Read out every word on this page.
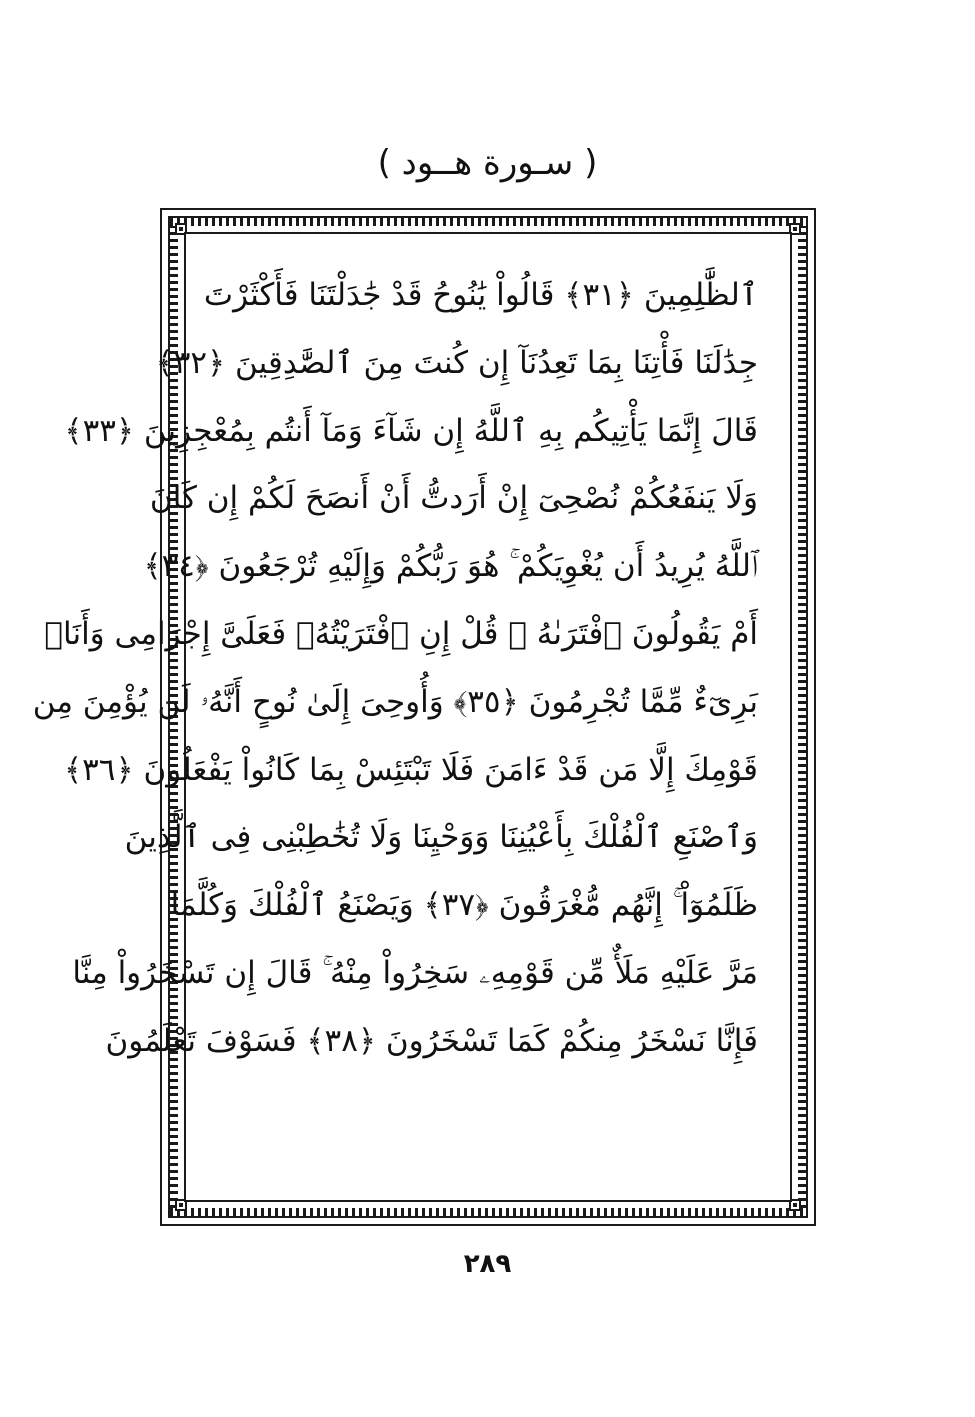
( سـورة هــود )
ٱلظَّٰلِمِينَ ﴿٣١﴾ قَالُواْ يَٰنُوحُ قَدْ جَٰدَلْتَنَا فَأَكْثَرْتَ
جِدَٰلَنَا فَأْتِنَا بِمَا تَعِدُنَآ إِن كُنتَ مِنَ ٱلصَّٰدِقِينَ ﴿٣٢﴾
قَالَ إِنَّمَا يَأْتِيكُم بِهِ ٱللَّهُ إِن شَآءَ وَمَآ أَنتُم بِمُعْجِزِينَ ﴿٣٣﴾
وَلَا يَنفَعُكُمْ نُصْحِىٓ إِنْ أَرَدتُّ أَنْ أَنصَحَ لَكُمْ إِن كَانَ
ٱللَّهُ يُرِيدُ أَن يُغْوِيَكُمْ ۚ هُوَ رَبُّكُمْ وَإِلَيْهِ تُرْجَعُونَ ﴿٣٤﴾
أَمْ يَقُولُونَ ٱفْتَرَىٰهُ ۖ قُلْ إِنِ ٱفْتَرَيْتُهُۥ فَعَلَىَّ إِجْرَامِى وَأَنَا۠
بَرِىٓءٌ مِّمَّا تُجْرِمُونَ ﴿٣٥﴾ وَأُوحِىَ إِلَىٰ نُوحٍ أَنَّهُۥ لَن يُؤْمِنَ مِن
قَوْمِكَ إِلَّا مَن قَدْ ءَامَنَ فَلَا تَبْتَئِسْ بِمَا كَانُواْ يَفْعَلُونَ ﴿٣٦﴾
وَٱصْنَعِ ٱلْفُلْكَ بِأَعْيُنِنَا وَوَحْيِنَا وَلَا تُخَٰطِبْنِى فِى ٱلَّذِينَ
ظَلَمُوٓاْ ۚ إِنَّهُم مُّغْرَقُونَ ﴿٣٧﴾ وَيَصْنَعُ ٱلْفُلْكَ وَكُلَّمَا
مَرَّ عَلَيْهِ مَلَأٌ مِّن قَوْمِهِۦ سَخِرُواْ مِنْهُ ۚ قَالَ إِن تَسْخَرُواْ مِنَّا
فَإِنَّا نَسْخَرُ مِنكُمْ كَمَا تَسْخَرُونَ ﴿٣٨﴾ فَسَوْفَ تَعْلَمُونَ
٢٨٩
